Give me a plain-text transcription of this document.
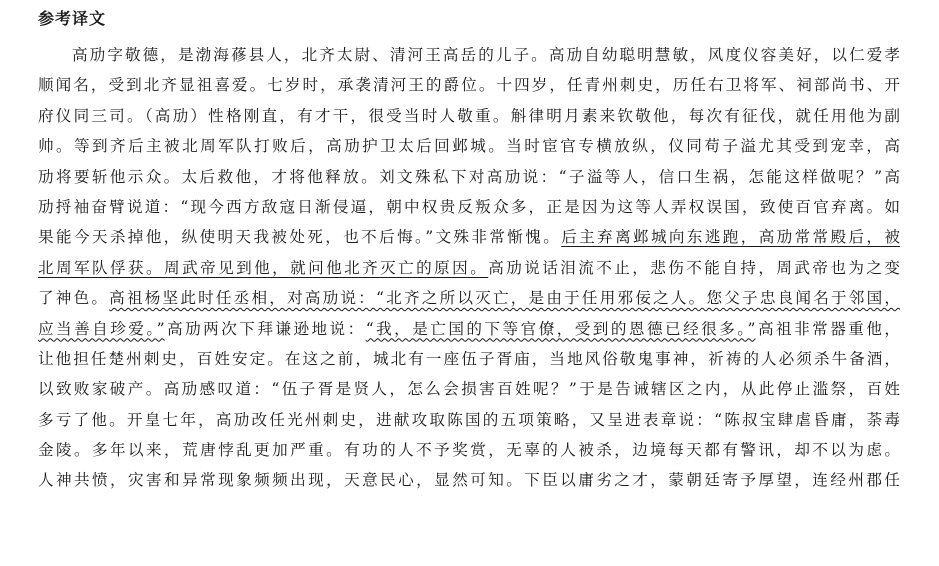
参考译文
高劢字敬德，是渤海蓚县人，北齐太尉、清河王高岳的儿子。高劢自幼聪明慧敏，风度仪容美好，以仁爱孝
顺闻名，受到北齐显祖喜爱。七岁时，承袭清河王的爵位。十四岁，任青州刺史，历任右卫将军、祠部尚书、开
府仪同三司。（高劢）性格刚直，有才干，很受当时人敬重。斛律明月素来钦敬他，每次有征伐，就任用他为副
帅。等到齐后主被北周军队打败后，高劢护卫太后回邺城。当时宦官专横放纵，仪同苟子溢尤其受到宠幸，高
劢将要斩他示众。太后救他，才将他释放。刘文殊私下对高劢说：“子溢等人，信口生祸，怎能这样做呢？”高
劢捋袖奋臂说道：“现今西方敌寇日渐侵逼，朝中权贵反叛众多，正是因为这等人弄权误国，致使百官弃离。如
果能今天杀掉他，纵使明天我被处死，也不后悔。”文殊非常惭愧。后主弃离邺城向东逃跑，高劢常常殿后，被
北周军队俘获。周武帝见到他，就问他北齐灭亡的原因。高劢说话泪流不止，悲伤不能自持，周武帝也为之变
了神色。高祖杨坚此时任丞相，对高劢说：“北齐之所以灭亡，是由于任用邪佞之人。您父子忠良闻名于邻国，
应当善自珍爱。”高劢两次下拜谦逊地说：“我，是亡国的下等官僚，受到的恩德已经很多。”高祖非常器重他，
让他担任楚州刺史，百姓安定。在这之前，城北有一座伍子胥庙，当地风俗敬鬼事神，祈祷的人必须杀牛备酒，
以致败家破产。高劢感叹道：“伍子胥是贤人，怎么会损害百姓呢？”于是告诫辖区之内，从此停止滥祭，百姓
多亏了他。开皇七年，高劢改任光州刺史，进献攻取陈国的五项策略，又呈进表章说：“陈叔宝肆虐昏庸，荼毒
金陵。多年以来，荒唐悖乱更加严重。有功的人不予奖赏，无辜的人被杀，边境每天都有警讯，却不以为虑。
人神共愤，灾害和异常现象频频出现，天意民心，显然可知。下臣以庸劣之才，蒙朝廷寄予厚望，连经州郡任
